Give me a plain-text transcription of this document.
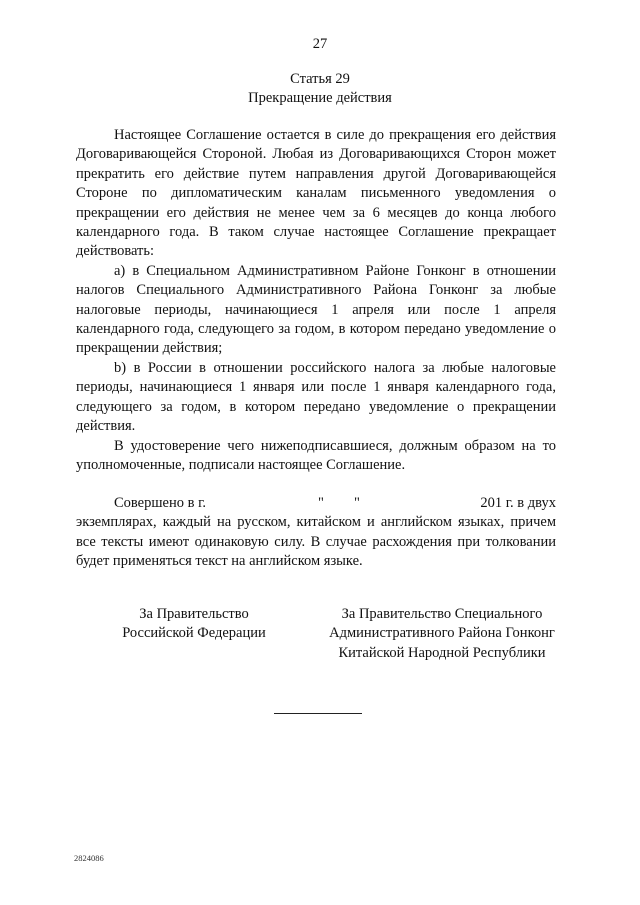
27
Статья 29
Прекращение действия

Настоящее Соглашение остается в силе до прекращения его действия Договаривающейся Стороной. Любая из Договаривающихся Сторон может прекратить его действие путем направления другой Договаривающейся Стороне по дипломатическим каналам письменного уведомления о прекращении его действия не менее чем за 6 месяцев до конца любого календарного года. В таком случае настоящее Соглашение прекращает действовать:

a) в Специальном Административном Районе Гонконг в отношении налогов Специального Административного Района Гонконг за любые налоговые периоды, начинающиеся 1 апреля или после 1 апреля календарного года, следующего за годом, в котором передано уведомление о прекращении действия;

b) в России в отношении российского налога за любые налоговые периоды, начинающиеся 1 января или после 1 января календарного года, следующего за годом, в котором передано уведомление о прекращении действия.

В удостоверение чего нижеподписавшиеся, должным образом на то уполномоченные, подписали настоящее Соглашение.

Совершено в г.	" "	201 г. в двух
экземплярах, каждый на русском, китайском и английском языках, причем все тексты имеют одинаковую силу. В случае расхождения при толковании будет применяться текст на английском языке.
За Правительство
Российской Федерации
За Правительство Специального
Административного Района Гонконг
Китайской Народной Республики
2824086
